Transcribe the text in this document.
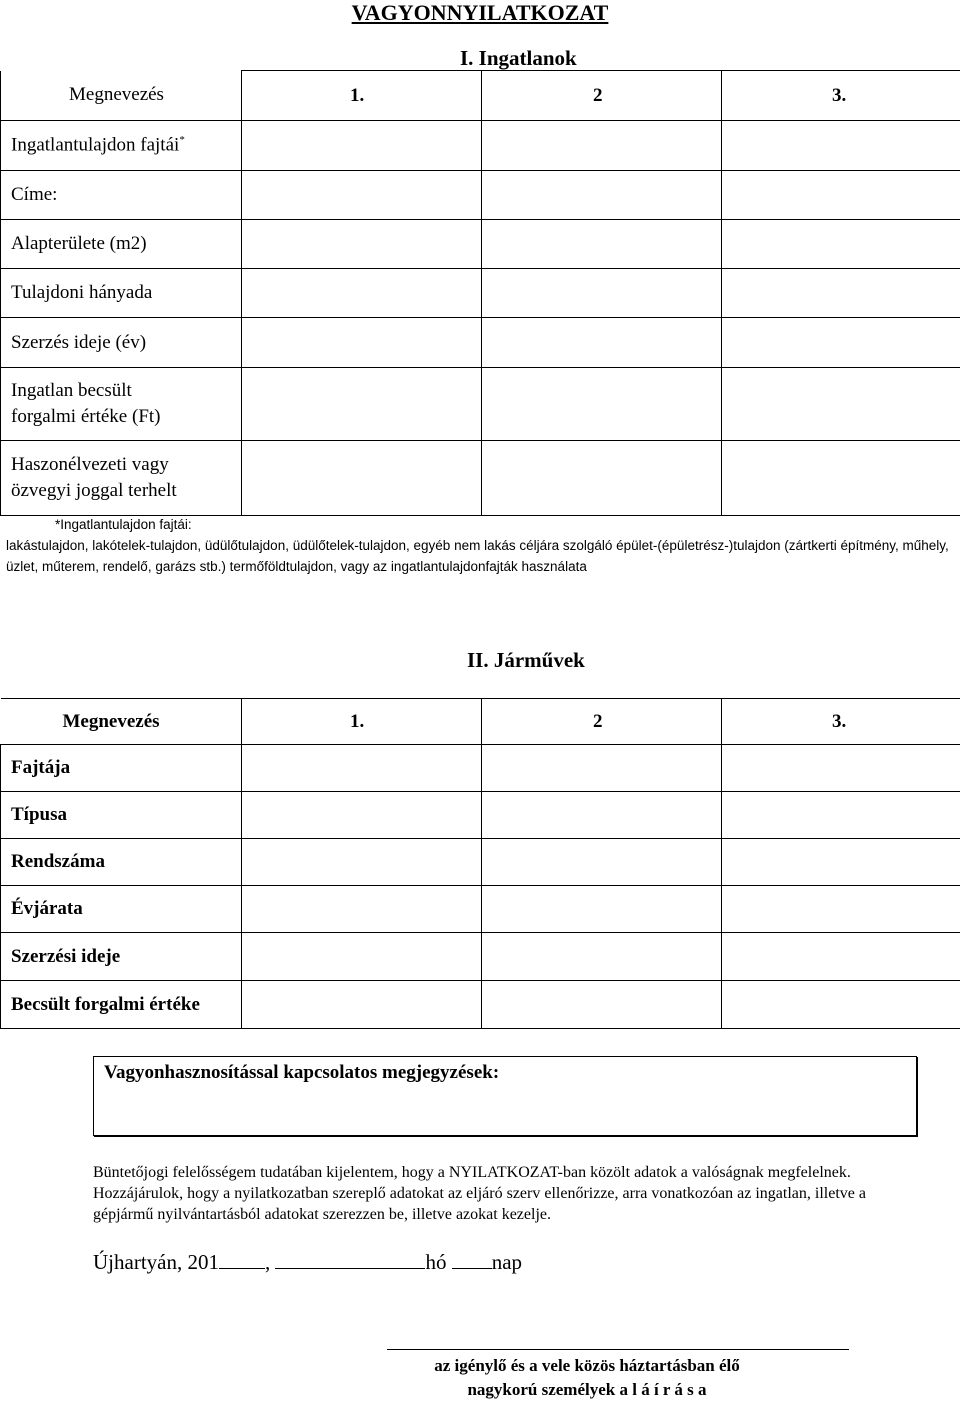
VAGYONNYILATKOZAT
I. Ingatlanok
Megnevezés	1.	2	3.
Ingatlantulajdon fajtái*			
Címe:			
Alapterülete (m2)			
Tulajdoni hányada			
Szerzés ideje (év)			
Ingatlan becsült
forgalmi értéke (Ft)			
Haszonélvezeti vagy
özvegyi joggal terhelt			
*Ingatlantulajdon fajtái:
lakástulajdon, lakótelek-tulajdon, üdülőtulajdon, üdülőtelek-tulajdon, egyéb nem lakás céljára szolgáló épület-(épületrész-)tulajdon (zártkerti építmény, műhely, üzlet, műterem, rendelő, garázs stb.) termőföldtulajdon, vagy az ingatlantulajdonfajták használata
II. Járművek
Megnevezés	1.	2	3.
Fajtája			
Típusa			
Rendszáma			
Évjárata			
Szerzési ideje			
Becsült forgalmi értéke			
Vagyonhasznosítással kapcsolatos megjegyzések:
Büntetőjogi felelősségem tudatában kijelentem, hogy a NYILATKOZAT-ban közölt adatok a valóságnak megfelelnek. Hozzájárulok, hogy a nyilatkozatban szereplő adatokat az eljáró szerv ellenőrizze, arra vonatkozóan az ingatlan, illetve a gépjármű nyilvántartásból adatokat szerezzen be, illetve azokat kezelje.
Újhartyán, 201 ,	hó nap
az igénylő és a vele közös háztartásban élő
nagykorú személyek a l á í r á s a
